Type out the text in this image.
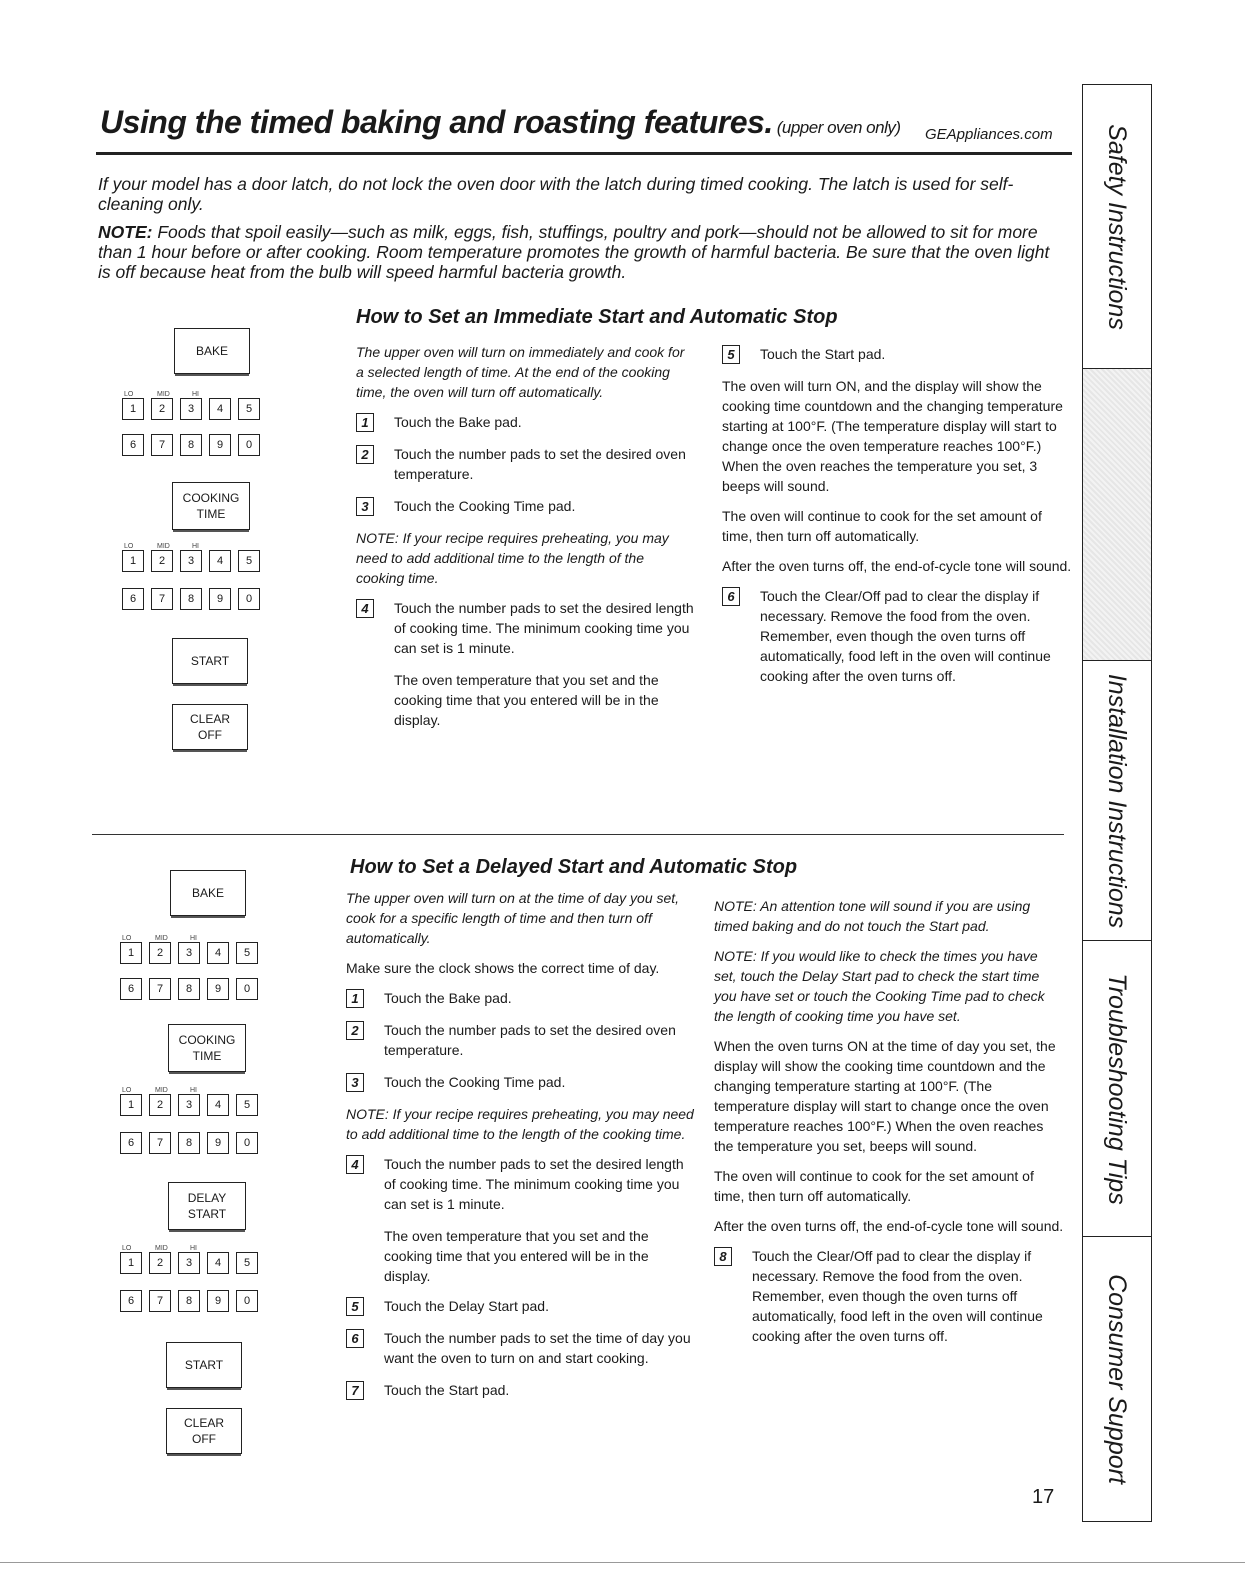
Using the timed baking and roasting features. (upper oven only) GEAppliances.com
If your model has a door latch, do not lock the oven door with the latch during timed cooking. The latch is used for self-cleaning only.
NOTE: Foods that spoil easily—such as milk, eggs, fish, stuffings, poultry and pork—should not be allowed to sit for more than 1 hour before or after cooking. Room temperature promotes the growth of harmful bacteria. Be sure that the oven light is off because heat from the bulb will speed harmful bacteria growth.
How to Set an Immediate Start and Automatic Stop

The upper oven will turn on immediately and cook for a selected length of time. At the end of the cooking time, the oven will turn off automatically.

1	Touch the Bake pad.
2	Touch the number pads to set the desired oven temperature.
3	Touch the Cooking Time pad.

NOTE: If your recipe requires preheating, you may need to add additional time to the length of the cooking time.

4	Touch the number pads to set the desired length of cooking time. The minimum cooking time you can set is 1 minute.

The oven temperature that you set and the cooking time that you entered will be in the display.

5	Touch the Start pad.

The oven will turn ON, and the display will show the cooking time countdown and the changing temperature starting at 100°F. (The temperature display will start to change once the oven temperature reaches 100°F.) When the oven reaches the temperature you set, 3 beeps will sound.

The oven will continue to cook for the set amount of time, then turn off automatically.

After the oven turns off, the end-of-cycle tone will sound.

6	Touch the Clear/Off pad to clear the display if necessary. Remove the food from the oven. Remember, even though the oven turns off automatically, food left in the oven will continue cooking after the oven turns off.
How to Set a Delayed Start and Automatic Stop

The upper oven will turn on at the time of day you set, cook for a specific length of time and then turn off automatically.

Make sure the clock shows the correct time of day.

1	Touch the Bake pad.
2	Touch the number pads to set the desired oven temperature.
3	Touch the Cooking Time pad.

NOTE: If your recipe requires preheating, you may need to add additional time to the length of the cooking time.

4	Touch the number pads to set the desired length of cooking time. The minimum cooking time you can set is 1 minute.

The oven temperature that you set and the cooking time that you entered will be in the display.

5	Touch the Delay Start pad.
6	Touch the number pads to set the time of day you want the oven to turn on and start cooking.
7	Touch the Start pad.

NOTE: An attention tone will sound if you are using timed baking and do not touch the Start pad.

NOTE: If you would like to check the times you have set, touch the Delay Start pad to check the start time you have set or touch the Cooking Time pad to check the length of cooking time you have set.

When the oven turns ON at the time of day you set, the display will show the cooking time countdown and the changing temperature starting at 100°F. (The temperature display will start to change once the oven temperature reaches 100°F.) When the oven reaches the temperature you set, beeps will sound.

The oven will continue to cook for the set amount of time, then turn off automatically.

After the oven turns off, the end-of-cycle tone will sound.

8	Touch the Clear/Off pad to clear the display if necessary. Remove the food from the oven. Remember, even though the oven turns off automatically, food left in the oven will continue cooking after the oven turns off.
BAKE
1	2	3	4	5
LO	MID	HI
6	7	8	9	0
COOKING
TIME
1	2	3	4	5
LO	MID	HI
6	7	8	9	0
START
CLEAR
OFF
BAKE
1	2	3	4	5
LO	MID	HI
6	7	8	9	0
COOKING
TIME
1	2	3	4	5
LO	MID	HI
6	7	8	9	0
DELAY
START
1	2	3	4	5
LO	MID	HI
6	7	8	9	0
START
CLEAR
OFF
Safety Instructions
Installation Instructions
Troubleshooting Tips
Consumer Support
17
